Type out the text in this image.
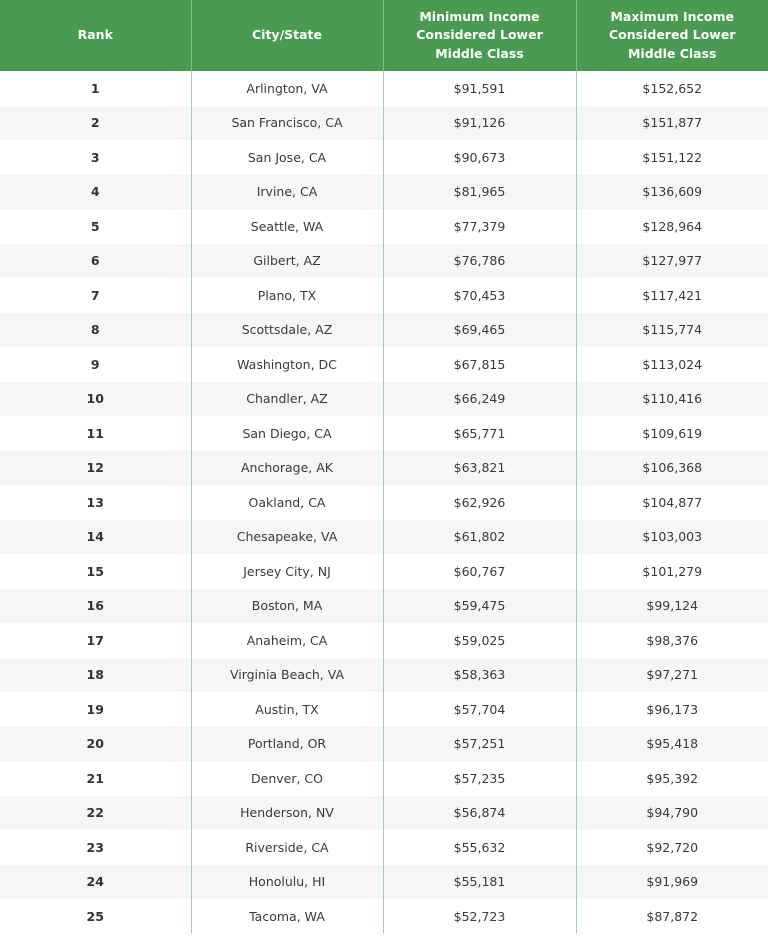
Rank	City/State	Minimum Income Considered Lower Middle Class	Maximum Income Considered Lower Middle Class
1	Arlington, VA	$91,591	$152,652
2	San Francisco, CA	$91,126	$151,877
3	San Jose, CA	$90,673	$151,122
4	Irvine, CA	$81,965	$136,609
5	Seattle, WA	$77,379	$128,964
6	Gilbert, AZ	$76,786	$127,977
7	Plano, TX	$70,453	$117,421
8	Scottsdale, AZ	$69,465	$115,774
9	Washington, DC	$67,815	$113,024
10	Chandler, AZ	$66,249	$110,416
11	San Diego, CA	$65,771	$109,619
12	Anchorage, AK	$63,821	$106,368
13	Oakland, CA	$62,926	$104,877
14	Chesapeake, VA	$61,802	$103,003
15	Jersey City, NJ	$60,767	$101,279
16	Boston, MA	$59,475	$99,124
17	Anaheim, CA	$59,025	$98,376
18	Virginia Beach, VA	$58,363	$97,271
19	Austin, TX	$57,704	$96,173
20	Portland, OR	$57,251	$95,418
21	Denver, CO	$57,235	$95,392
22	Henderson, NV	$56,874	$94,790
23	Riverside, CA	$55,632	$92,720
24	Honolulu, HI	$55,181	$91,969
25	Tacoma, WA	$52,723	$87,872
